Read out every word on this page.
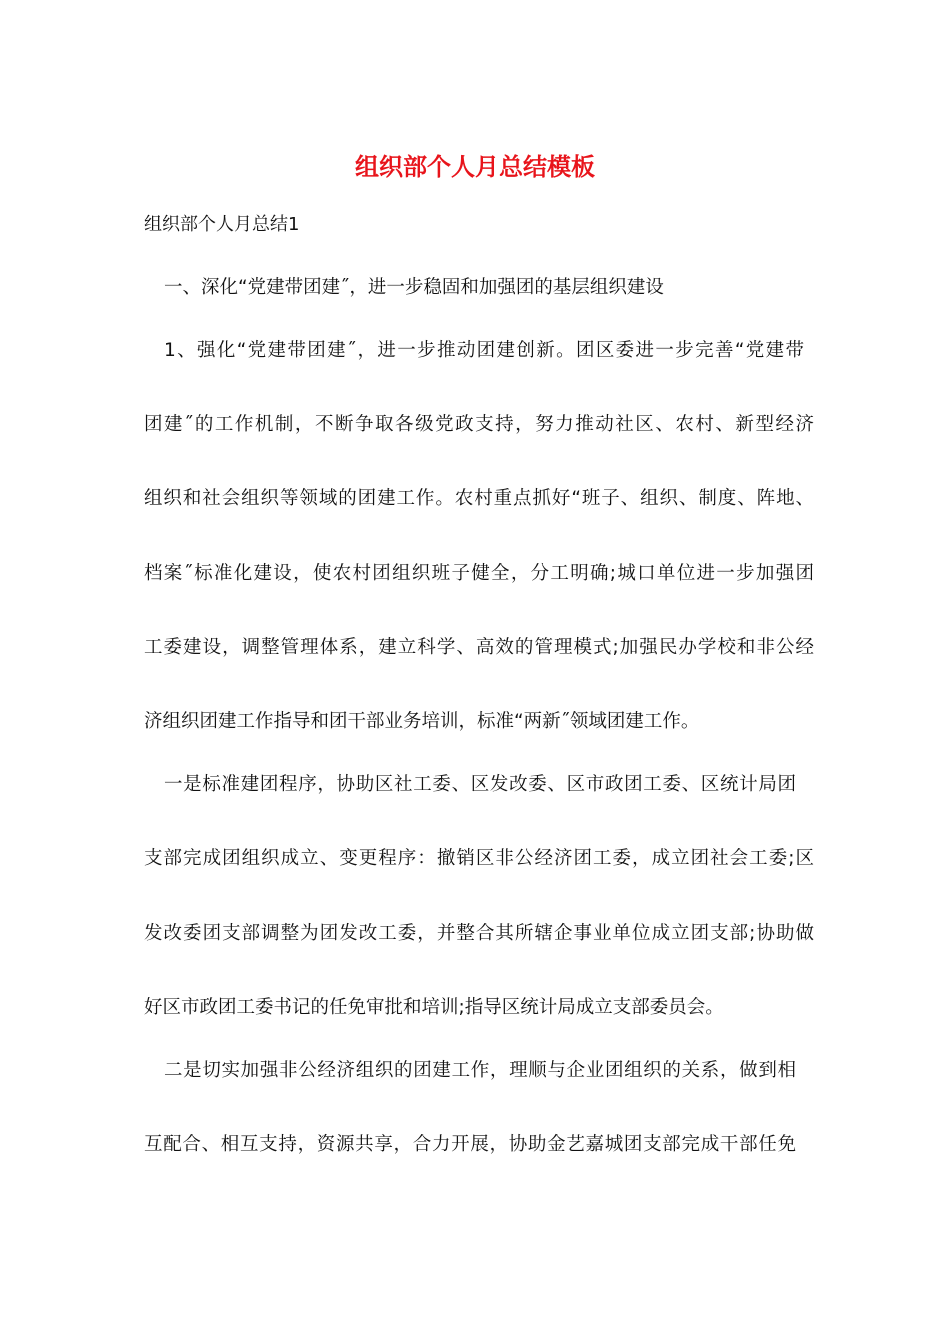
组织部个人月总结模板

组织部个人月总结1

一、深化“党建带团建˝，进一步稳固和加强团的基层组织建设

1、强化“党建带团建˝，进一步推动团建创新。团区委进一步完善“党建带

团建˝的工作机制，不断争取各级党政支持，努力推动社区、农村、新型经济

组织和社会组织等领域的团建工作。农村重点抓好“班子、组织、制度、阵地、

档案˝标准化建设，使农村团组织班子健全，分工明确;城口单位进一步加强团

工委建设，调整管理体系，建立科学、高效的管理模式;加强民办学校和非公经

济组织团建工作指导和团干部业务培训，标准“两新˝领域团建工作。

一是标准建团程序，协助区社工委、区发改委、区市政团工委、区统计局团

支部完成团组织成立、变更程序：撤销区非公经济团工委，成立团社会工委;区

发改委团支部调整为团发改工委，并整合其所辖企事业单位成立团支部;协助做

好区市政团工委书记的任免审批和培训;指导区统计局成立支部委员会。

二是切实加强非公经济组织的团建工作，理顺与企业团组织的关系，做到相

互配合、相互支持，资源共享，合力开展，协助金艺嘉城团支部完成干部任免
